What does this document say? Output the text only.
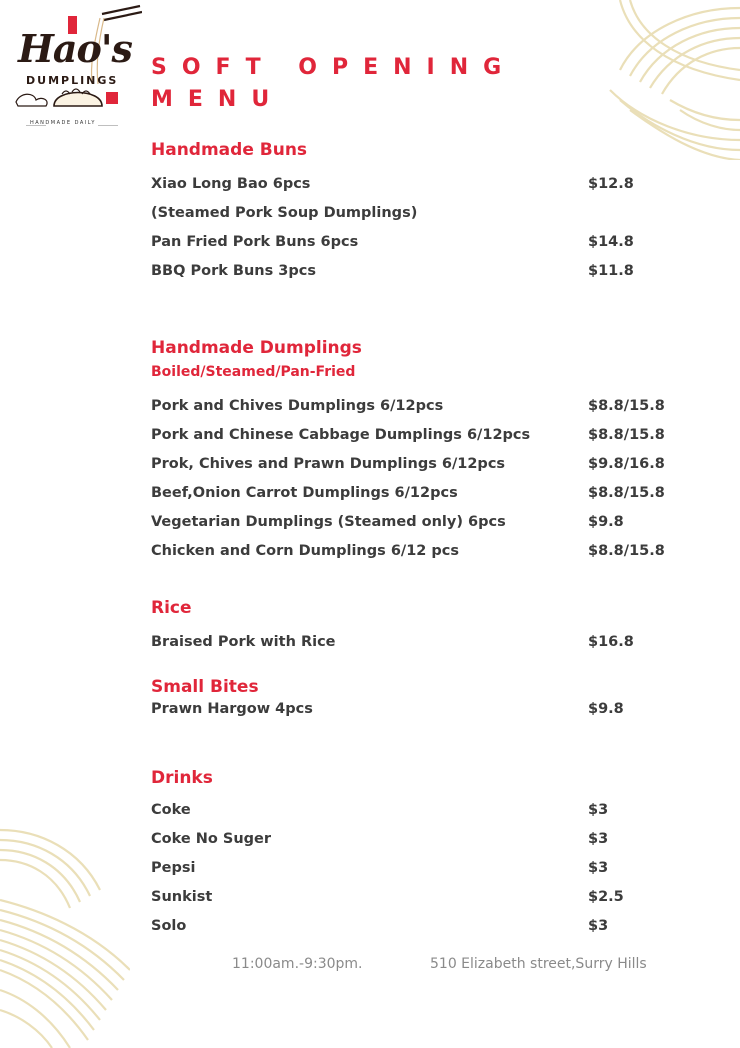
Hao's
DUMPLINGS
HANDMADE DAILY
SOFT OPENING
MENU
Handmade Buns
Xiao Long Bao 6pcs	$12.8
(Steamed Pork Soup Dumplings)
Pan Fried Pork Buns 6pcs	$14.8
BBQ Pork Buns 3pcs	$11.8
Handmade Dumplings
Boiled/Steamed/Pan-Fried
Pork and Chives Dumplings 6/12pcs	$8.8/15.8
Pork and Chinese Cabbage Dumplings 6/12pcs	$8.8/15.8
Prok, Chives and Prawn Dumplings 6/12pcs	$9.8/16.8
Beef,Onion Carrot Dumplings 6/12pcs	$8.8/15.8
Vegetarian Dumplings (Steamed only) 6pcs	$9.8
Chicken and Corn Dumplings 6/12 pcs	$8.8/15.8
Rice
Braised Pork with Rice	$16.8
Small Bites
Prawn Hargow 4pcs	$9.8
Drinks
Coke	$3
Coke No Suger	$3
Pepsi	$3
Sunkist	$2.5
Solo	$3
11:00am.-9:30pm.	510 Elizabeth street,Surry Hills
